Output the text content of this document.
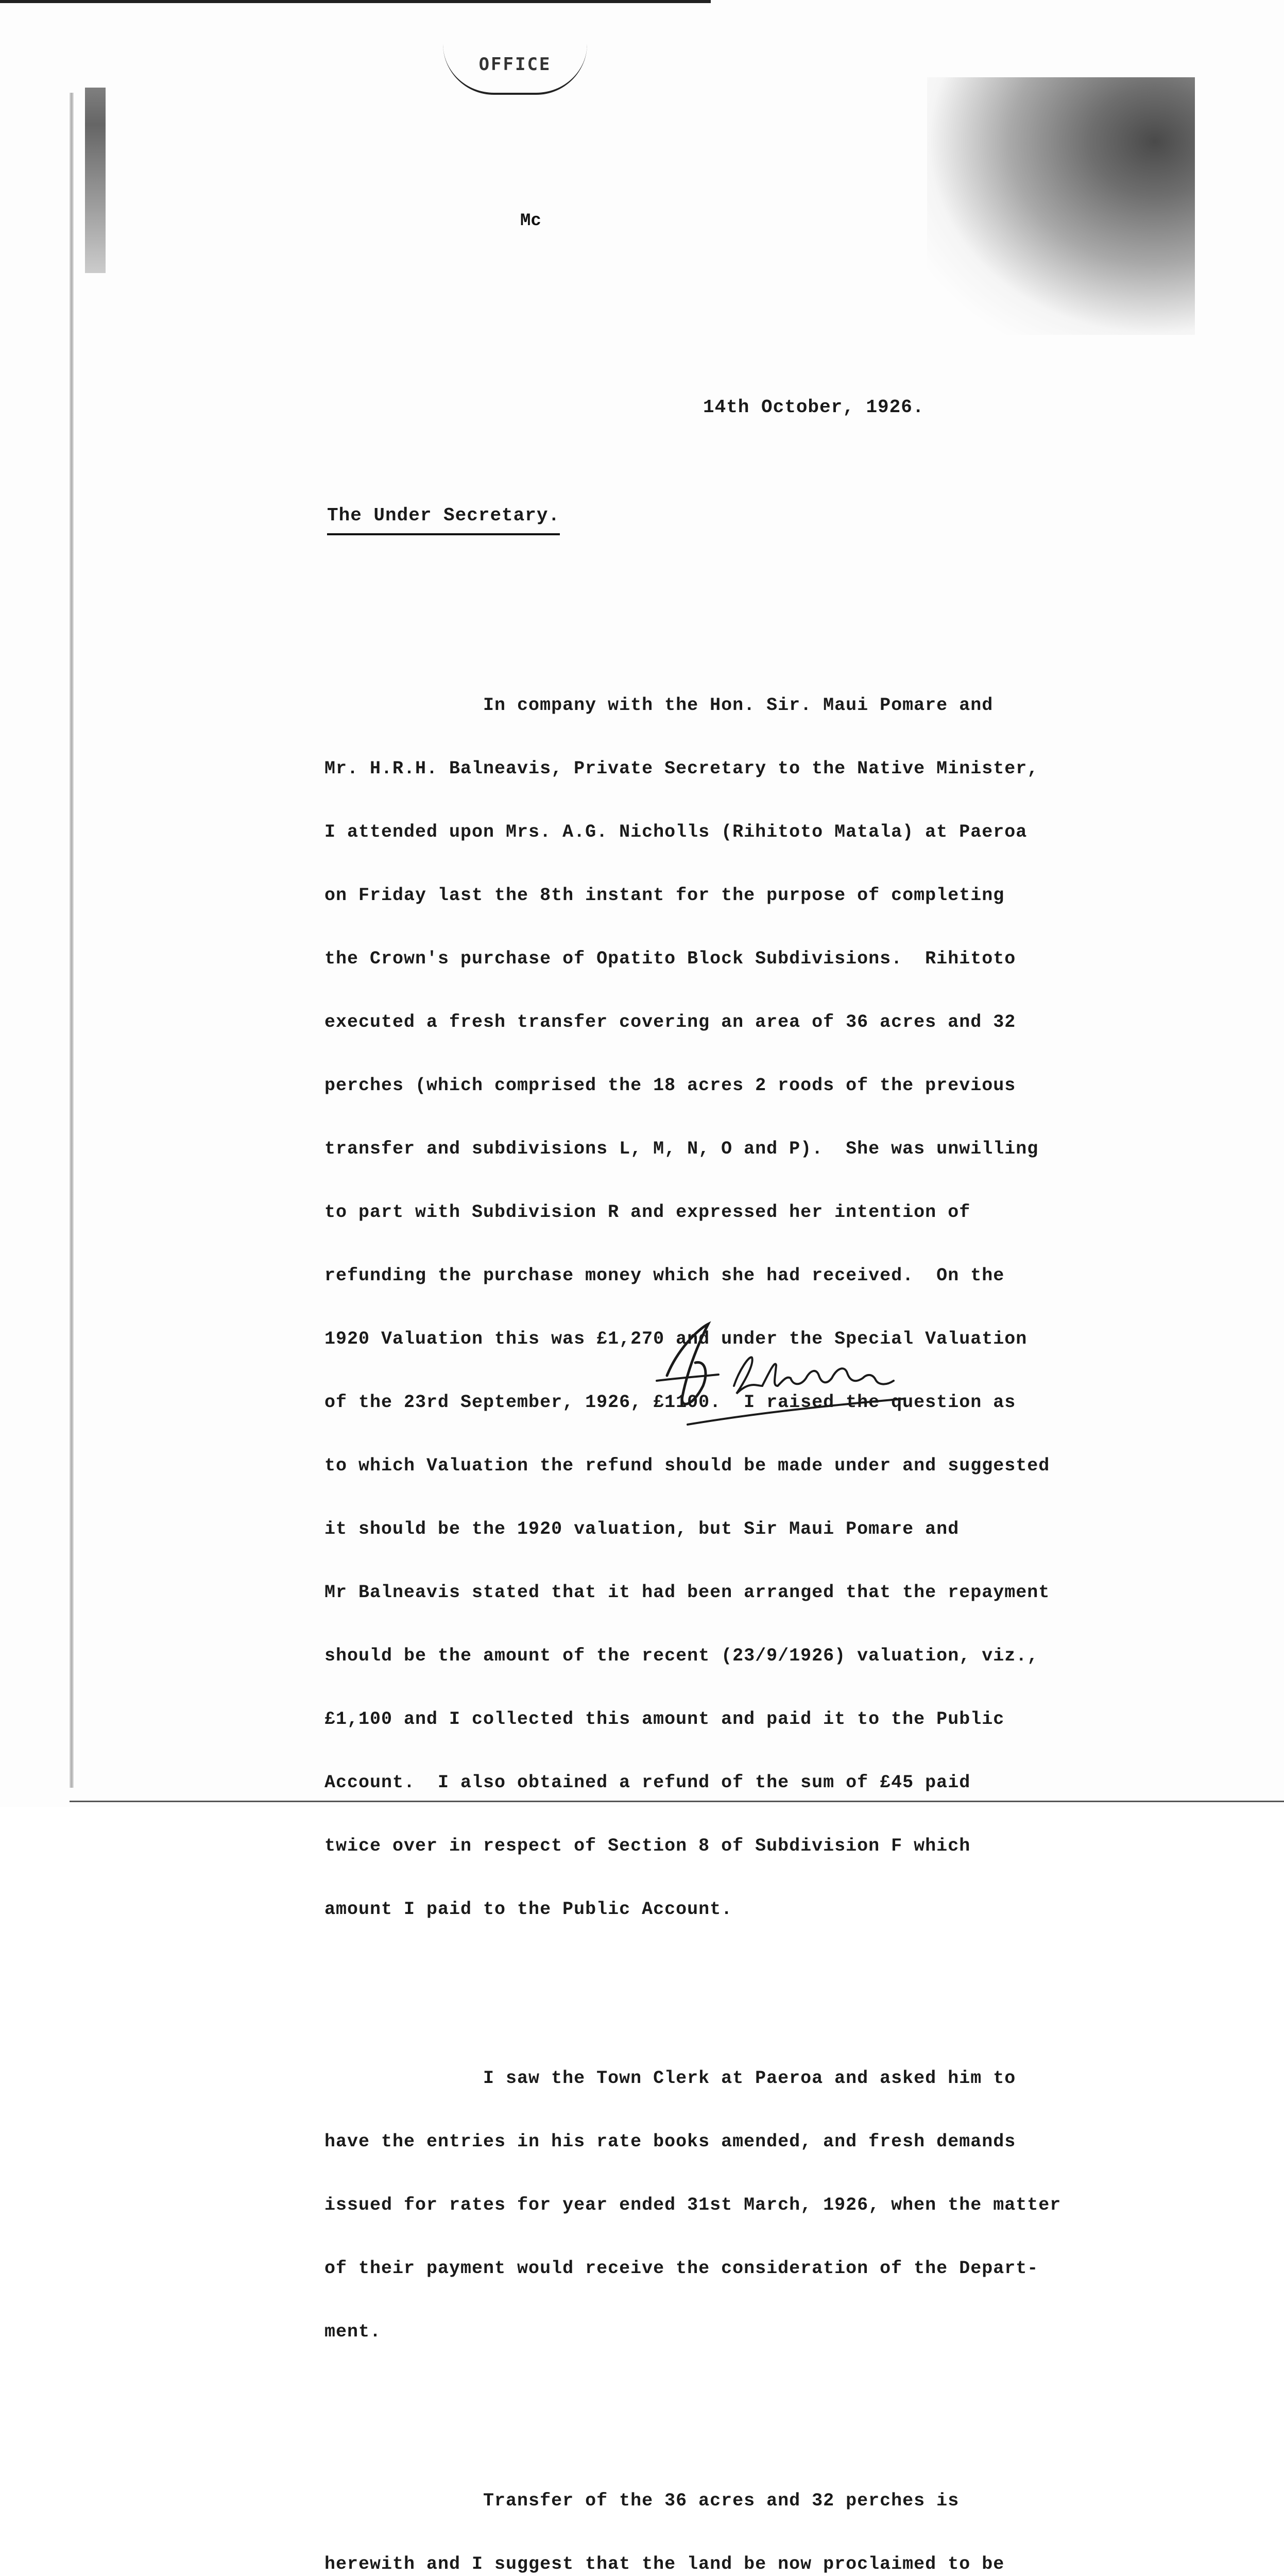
OFFICE
Mc
14th October, 1926.
The Under Secretary.

In company with the Hon. Sir. Maui Pomare and

Mr. H.R.H. Balneavis, Private Secretary to the Native Minister,

I attended upon Mrs. A.G. Nicholls (Rihitoto Matala) at Paeroa

on Friday last the 8th instant for the purpose of completing

the Crown's purchase of Opatito Block Subdivisions.  Rihitoto

executed a fresh transfer covering an area of 36 acres and 32

perches (which comprised the 18 acres 2 roods of the previous

transfer and subdivisions L, M, N, O and P).  She was unwilling

to part with Subdivision R and expressed her intention of

refunding the purchase money which she had received.  On the

1920 Valuation this was £1,270 and under the Special Valuation

of the 23rd September, 1926, £1100.  I raised the question as

to which Valuation the refund should be made under and suggested

it should be the 1920 valuation, but Sir Maui Pomare and

Mr Balneavis stated that it had been arranged that the repayment

should be the amount of the recent (23/9/1926) valuation, viz.,

£1,100 and I collected this amount and paid it to the Public

Account.  I also obtained a refund of the sum of £45 paid

twice over in respect of Section 8 of Subdivision F which

amount I paid to the Public Account.

I saw the Town Clerk at Paeroa and asked him to

have the entries in his rate books amended, and fresh demands

issued for rates for year ended 31st March, 1926, when the matter

of their payment would receive the consideration of the Depart-

ment.

Transfer of the 36 acres and 32 perches is

herewith and I suggest that the land be now proclaimed to be
